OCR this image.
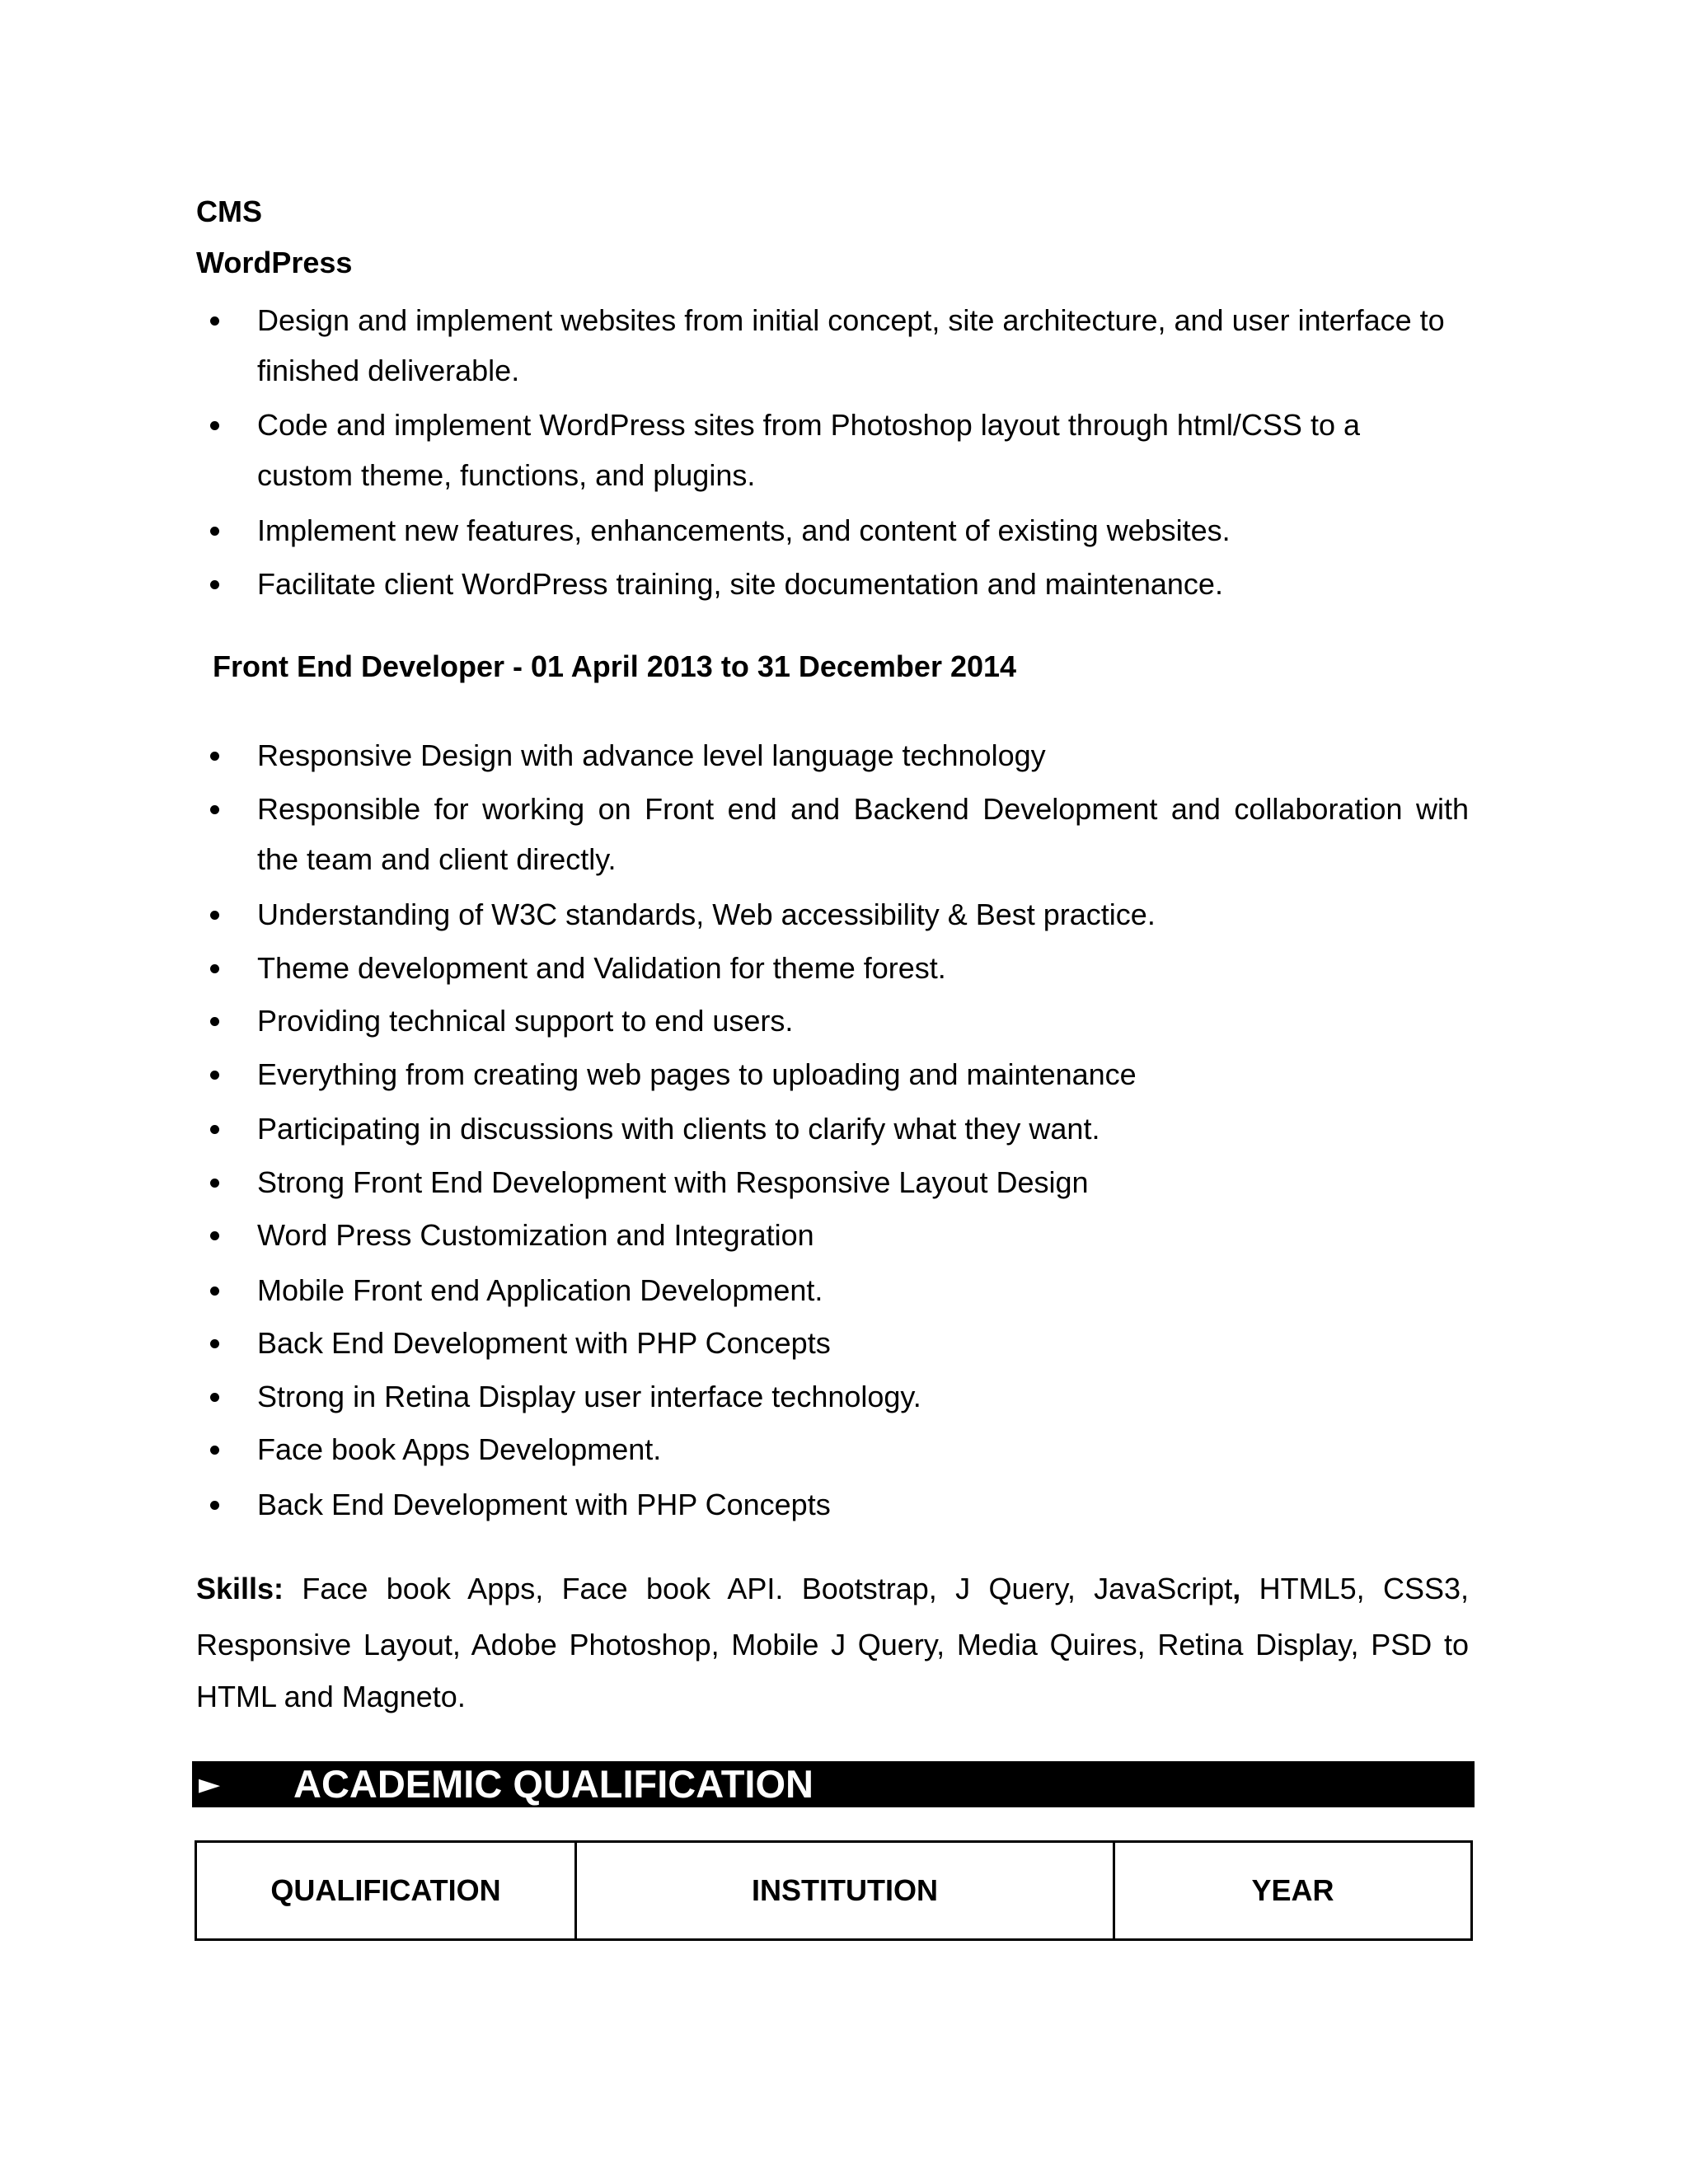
CMS
WordPress
Design and implement websites from initial concept, site architecture, and user interface to
finished deliverable.
Code and implement WordPress sites from Photoshop layout through html/CSS to a
custom theme, functions, and plugins.
Implement new features, enhancements, and content of existing websites.
Facilitate client WordPress training, site documentation and maintenance.
Front End Developer - 01 April 2013 to 31 December 2014
Responsive Design with advance level language technology
Responsible for working on Front end and Backend Development and collaboration with
the team and client directly.
Understanding of W3C standards, Web accessibility & Best practice.
Theme development and Validation for theme forest.
Providing technical support to end users.
Everything from creating web pages to uploading and maintenance
Participating in discussions with clients to clarify what they want.
Strong Front End Development with Responsive Layout Design
Word Press Customization and Integration
Mobile Front end Application Development.
Back End Development with PHP Concepts
Strong in Retina Display user interface technology.
Face book Apps Development.
Back End Development with PHP Concepts
Skills: Face book Apps, Face book API. Bootstrap, J Query, JavaScript, HTML5, CSS3,
Responsive Layout, Adobe Photoshop, Mobile J Query, Media Quires, Retina Display, PSD to
HTML and Magneto.
► ACADEMIC QUALIFICATION
QUALIFICATION	INSTITUTION	YEAR
